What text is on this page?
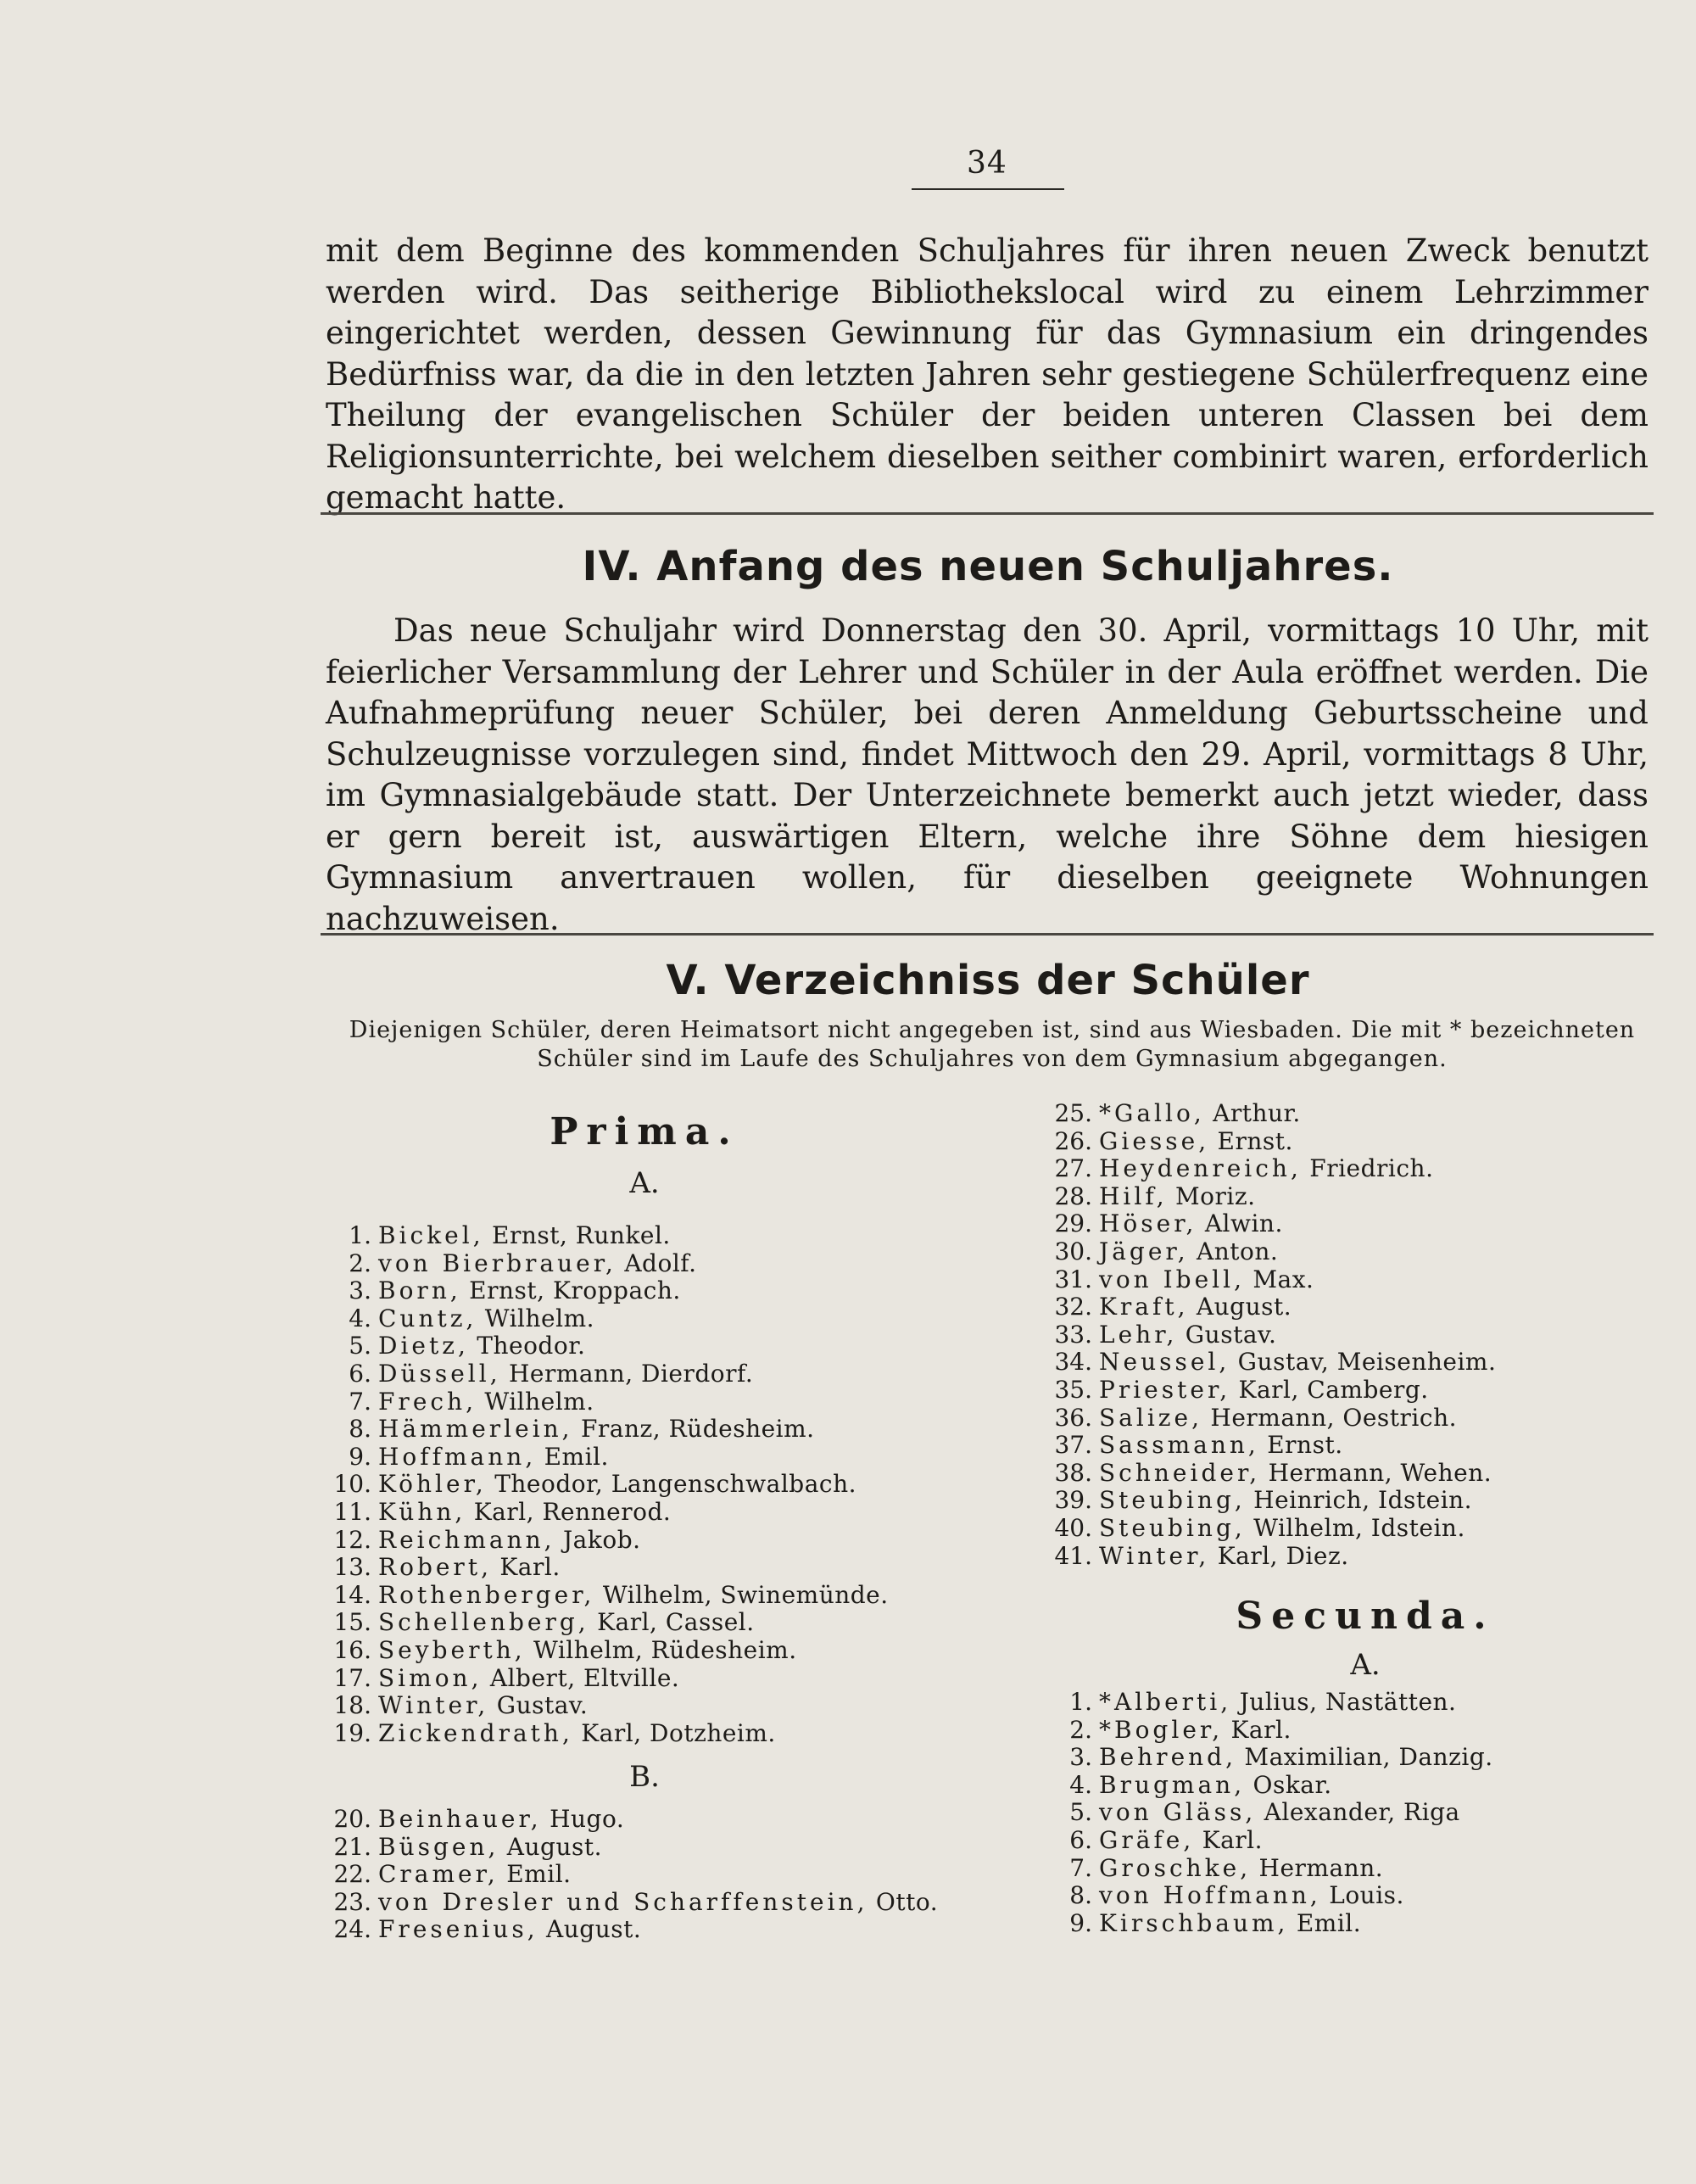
34

mit dem Beginne des kommenden Schuljahres für ihren neuen Zweck benutzt werden wird. Das seitherige Bibliothekslocal wird zu einem Lehrzimmer eingerichtet werden, dessen Gewinnung für das Gymnasium ein dringendes Bedürfniss war, da die in den letzten Jahren sehr gestiegene Schülerfrequenz eine Theilung der evangelischen Schüler der beiden unteren Classen bei dem Religionsunterrichte, bei welchem dieselben seither combinirt waren, erforderlich gemacht hatte.

IV. Anfang des neuen Schuljahres.

Das neue Schuljahr wird Donnerstag den 30. April, vormittags 10 Uhr, mit feierlicher Versammlung der Lehrer und Schüler in der Aula eröffnet werden. Die Aufnahmeprüfung neuer Schüler, bei deren Anmeldung Geburtsscheine und Schulzeugnisse vorzulegen sind, findet Mittwoch den 29. April, vormittags 8 Uhr, im Gymnasialgebäude statt. Der Unterzeichnete bemerkt auch jetzt wieder, dass er gern bereit ist, auswärtigen Eltern, welche ihre Söhne dem hiesigen Gymnasium anvertrauen wollen, für dieselben geeignete Wohnungen nachzuweisen.

V. Verzeichniss der Schüler
Diejenigen Schüler, deren Heimatsort nicht angegeben ist, sind aus Wiesbaden. Die mit * bezeichneten
Schüler sind im Laufe des Schuljahres von dem Gymnasium abgegangen.
Prima.
A.
1. Bickel, Ernst, Runkel.
2. von Bierbrauer, Adolf.
3. Born, Ernst, Kroppach.
4. Cuntz, Wilhelm.
5. Dietz, Theodor.
6. Düssell, Hermann, Dierdorf.
7. Frech, Wilhelm.
8. Hämmerlein, Franz, Rüdesheim.
9. Hoffmann, Emil.
10. Köhler, Theodor, Langenschwalbach.
11. Kühn, Karl, Rennerod.
12. Reichmann, Jakob.
13. Robert, Karl.
14. Rothenberger, Wilhelm, Swinemünde.
15. Schellenberg, Karl, Cassel.
16. Seyberth, Wilhelm, Rüdesheim.
17. Simon, Albert, Eltville.
18. Winter, Gustav.
19. Zickendrath, Karl, Dotzheim.
B.
20. Beinhauer, Hugo.
21. Büsgen, August.
22. Cramer, Emil.
23. von Dresler und Scharffenstein, Otto.
24. Fresenius, August.
25. *Gallo, Arthur.
26. Giesse, Ernst.
27. Heydenreich, Friedrich.
28. Hilf, Moriz.
29. Höser, Alwin.
30. Jäger, Anton.
31. von Ibell, Max.
32. Kraft, August.
33. Lehr, Gustav.
34. Neussel, Gustav, Meisenheim.
35. Priester, Karl, Camberg.
36. Salize, Hermann, Oestrich.
37. Sassmann, Ernst.
38. Schneider, Hermann, Wehen.
39. Steubing, Heinrich, Idstein.
40. Steubing, Wilhelm, Idstein.
41. Winter, Karl, Diez.
Secunda.
A.
1. *Alberti, Julius, Nastätten.
2. *Bogler, Karl.
3. Behrend, Maximilian, Danzig.
4. Brugman, Oskar.
5. von Gläss, Alexander, Riga
6. Gräfe, Karl.
7. Groschke, Hermann.
8. von Hoffmann, Louis.
9. Kirschbaum, Emil.
